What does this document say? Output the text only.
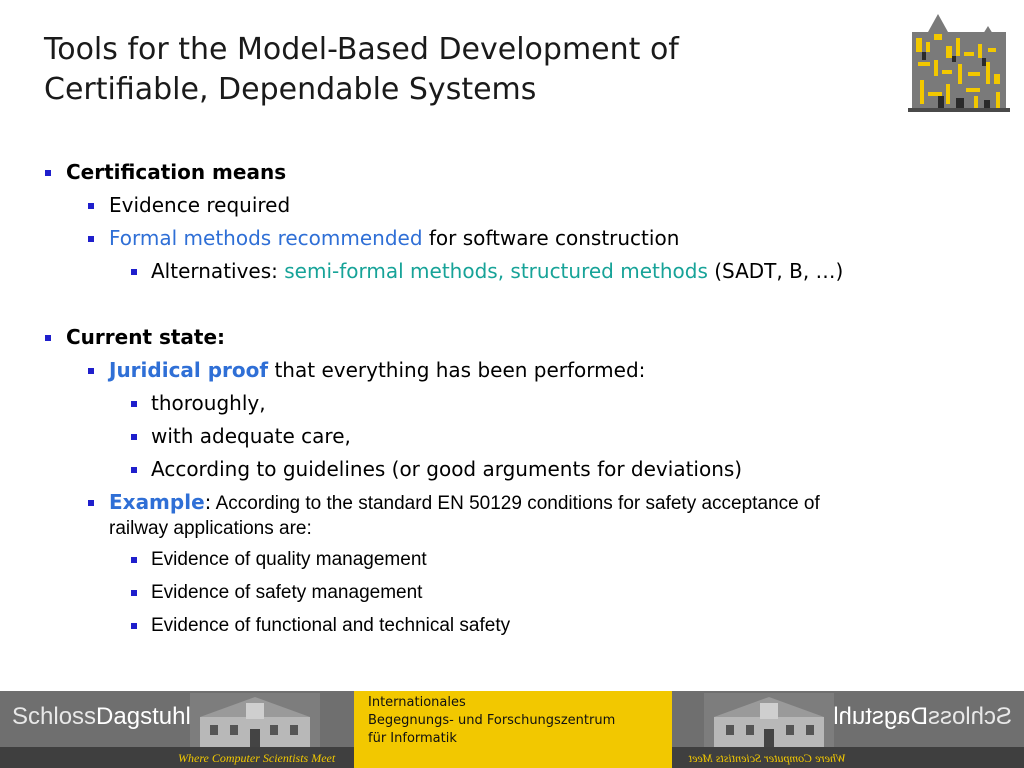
Tools for the Model-Based Development of
Certifiable, Dependable Systems
Certification means
Evidence required
Formal methods recommended for software construction
Alternatives: semi-formal methods, structured methods (SADT, B, …)
Current state:
Juridical proof that everything has been performed:
thoroughly,
with adequate care,
According to guidelines (or good arguments for deviations)
Example: According to the standard EN 50129 conditions for safety acceptance of
railway applications are:
Evidence of quality management
Evidence of safety management
Evidence of functional and technical safety
SchlossDagstuhl
Where Computer Scientists Meet
Internationales
Begegnungs- und Forschungszentrum
für Informatik
SchlossDagstuhl
Where Computer Scientists Meet
